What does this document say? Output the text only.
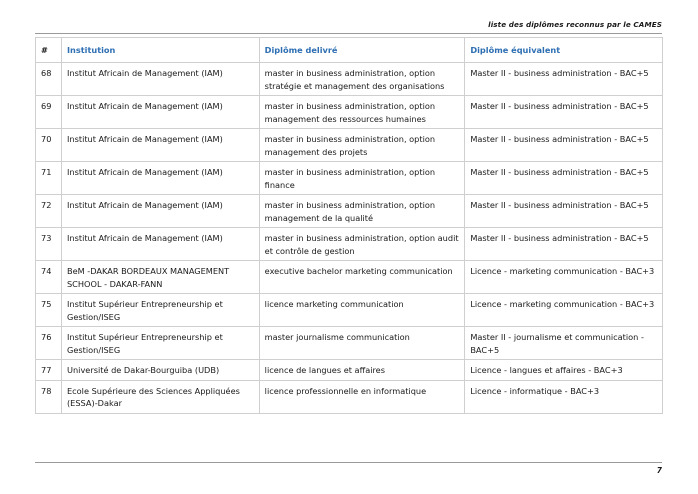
liste des diplômes reconnus par le CAMES
#	Institution	Diplôme delivré	Diplôme équivalent
68	Institut Africain de Management (IAM)	master in business administration, option stratégie et management des organisations	Master II - business administration - BAC+5
69	Institut Africain de Management (IAM)	master in business administration, option management des ressources humaines	Master II - business administration - BAC+5
70	Institut Africain de Management (IAM)	master in business administration, option management des projets	Master II - business administration - BAC+5
71	Institut Africain de Management (IAM)	master in business administration, option finance	Master II - business administration - BAC+5
72	Institut Africain de Management (IAM)	master in business administration, option management de la qualité	Master II - business administration - BAC+5
73	Institut Africain de Management (IAM)	master in business administration, option audit et contrôle de gestion	Master II - business administration - BAC+5
74	BeM -DAKAR BORDEAUX MANAGEMENT SCHOOL - DAKAR-FANN	executive bachelor marketing communication	Licence - marketing communication - BAC+3
75	Institut Supérieur Entrepreneurship et Gestion/ISEG	licence marketing communication	Licence - marketing communication - BAC+3
76	Institut Supérieur Entrepreneurship et Gestion/ISEG	master journalisme communication	Master II - journalisme et communication - BAC+5
77	Université de Dakar-Bourguiba (UDB)	licence de langues et affaires	Licence - langues et affaires - BAC+3
78	Ecole Supérieure des Sciences Appliquées (ESSA)-Dakar	licence professionnelle en informatique	Licence - informatique - BAC+3
7
